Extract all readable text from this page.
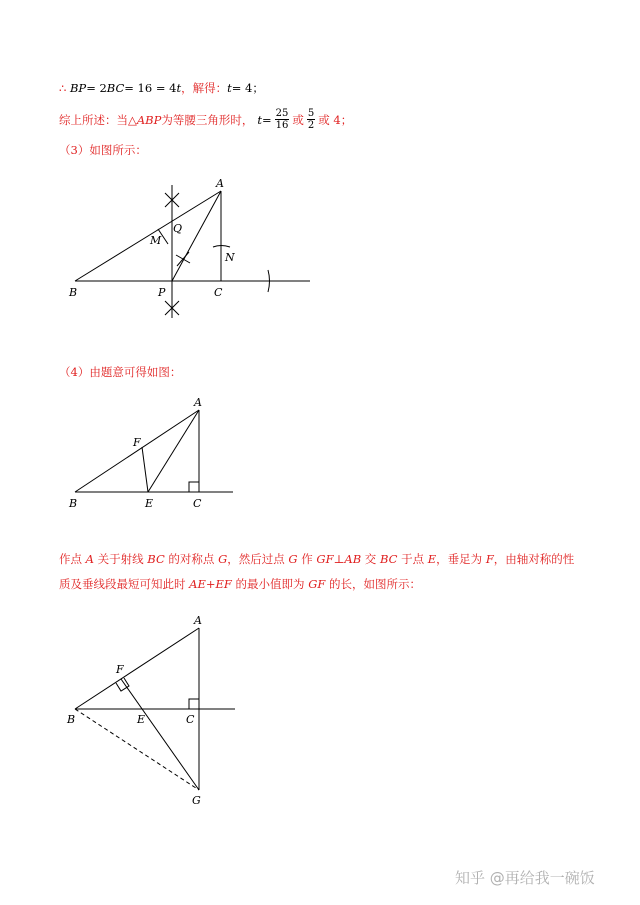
∴
BP = 2 BC = 16 = 4 t ，解得： t = 4；
综上所述：当△ ABP 为等腰三角形时， $t = \frac{25}{16}$ 或 $\frac{5}{2}$ 或 4；
（3）如图所示：
A
Q
M
N
B	P	C
（4）由题意可得如图：
A
F
B	E	C
作点 A 关于射线 BC 的对称点 G，然后过点 G 作 GF⊥AB 交 BC 于点 E，垂足为 F，由轴对称的性质及垂线段最短可知此时 AE+EF 的最小值即为 GF 的长，如图所示：
A
F
B	E	C
G
知乎 @再给我一碗饭
